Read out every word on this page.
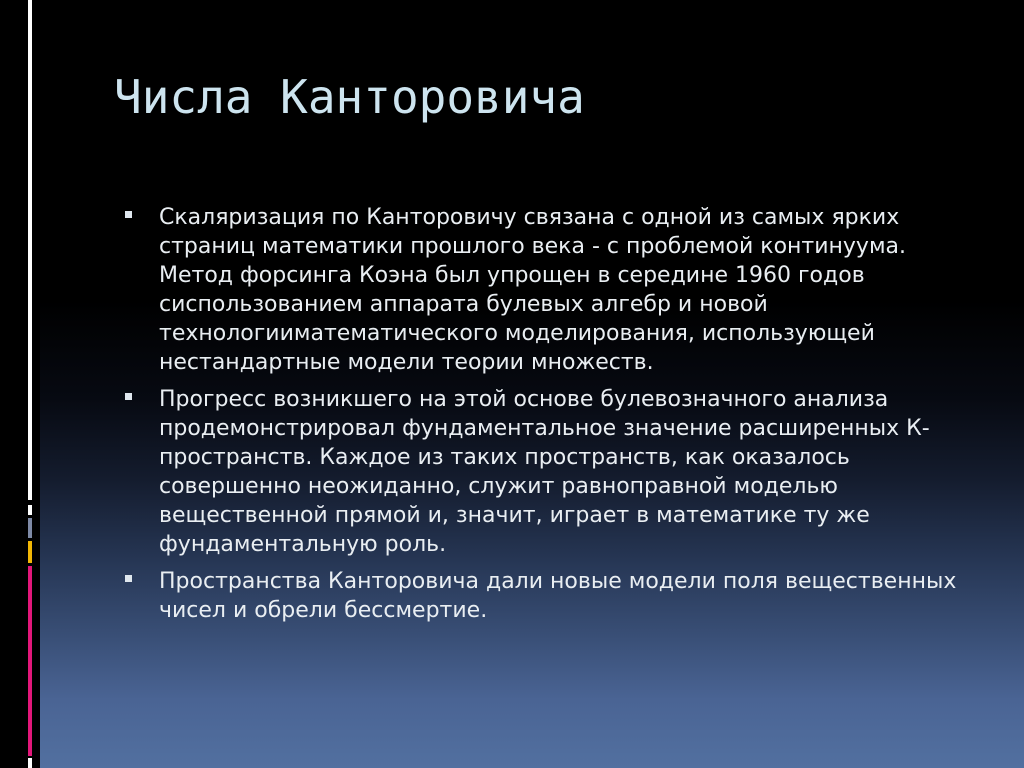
Числа Канторовича
Скаляризация по Канторовичу связана с одной из самых ярких страниц математики прошлого века - с проблемой континуума. Метод форсинга Коэна был упрощен в середине 1960 годов сиспользованием аппарата булевых алгебр и новой технологииматематического моделирования, использующей нестандартные модели теории множеств.
Прогресс возникшего на этой основе булевозначного анализа продемонстрировал фундаментальное значение расширенных К-пространств. Каждое из таких пространств, как оказалось совершенно неожиданно, служит равноправной моделью вещественной прямой и, значит, играет в математике ту же фундаментальную роль.
Пространства Канторовича дали новые модели поля вещественных чисел и обрели бессмертие.
